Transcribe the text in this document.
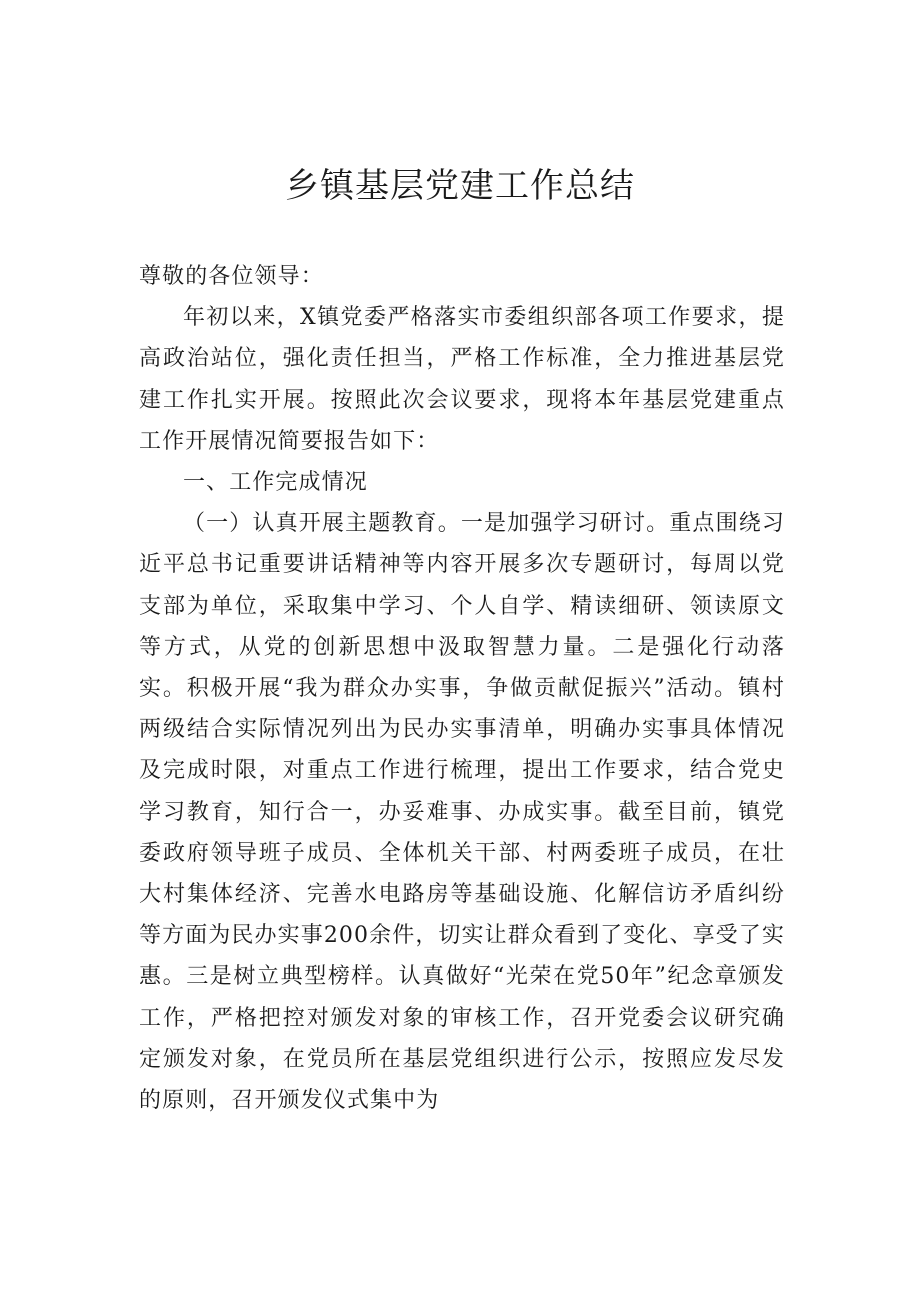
乡镇基层党建工作总结

尊敬的各位领导：

年初以来，X镇党委严格落实市委组织部各项工作要求，提高政治站位，强化责任担当，严格工作标准，全力推进基层党建工作扎实开展。按照此次会议要求，现将本年基层党建重点工作开展情况简要报告如下：

一、工作完成情况

（一）认真开展主题教育。一是加强学习研讨。重点围绕习近平总书记重要讲话精神等内容开展多次专题研讨，每周以党支部为单位，采取集中学习、个人自学、精读细研、领读原文等方式，从党的创新思想中汲取智慧力量。二是强化行动落实。积极开展“我为群众办实事，争做贡献促振兴”活动。镇村两级结合实际情况列出为民办实事清单，明确办实事具体情况及完成时限，对重点工作进行梳理，提出工作要求，结合党史学习教育，知行合一，办妥难事、办成实事。截至目前，镇党委政府领导班子成员、全体机关干部、村两委班子成员，在壮大村集体经济、完善水电路房等基础设施、化解信访矛盾纠纷等方面为民办实事200余件，切实让群众看到了变化、享受了实惠。三是树立典型榜样。认真做好“光荣在党50年”纪念章颁发工作，严格把控对颁发对象的审核工作，召开党委会议研究确定颁发对象，在党员所在基层党组织进行公示，按照应发尽发的原则，召开颁发仪式集中为
